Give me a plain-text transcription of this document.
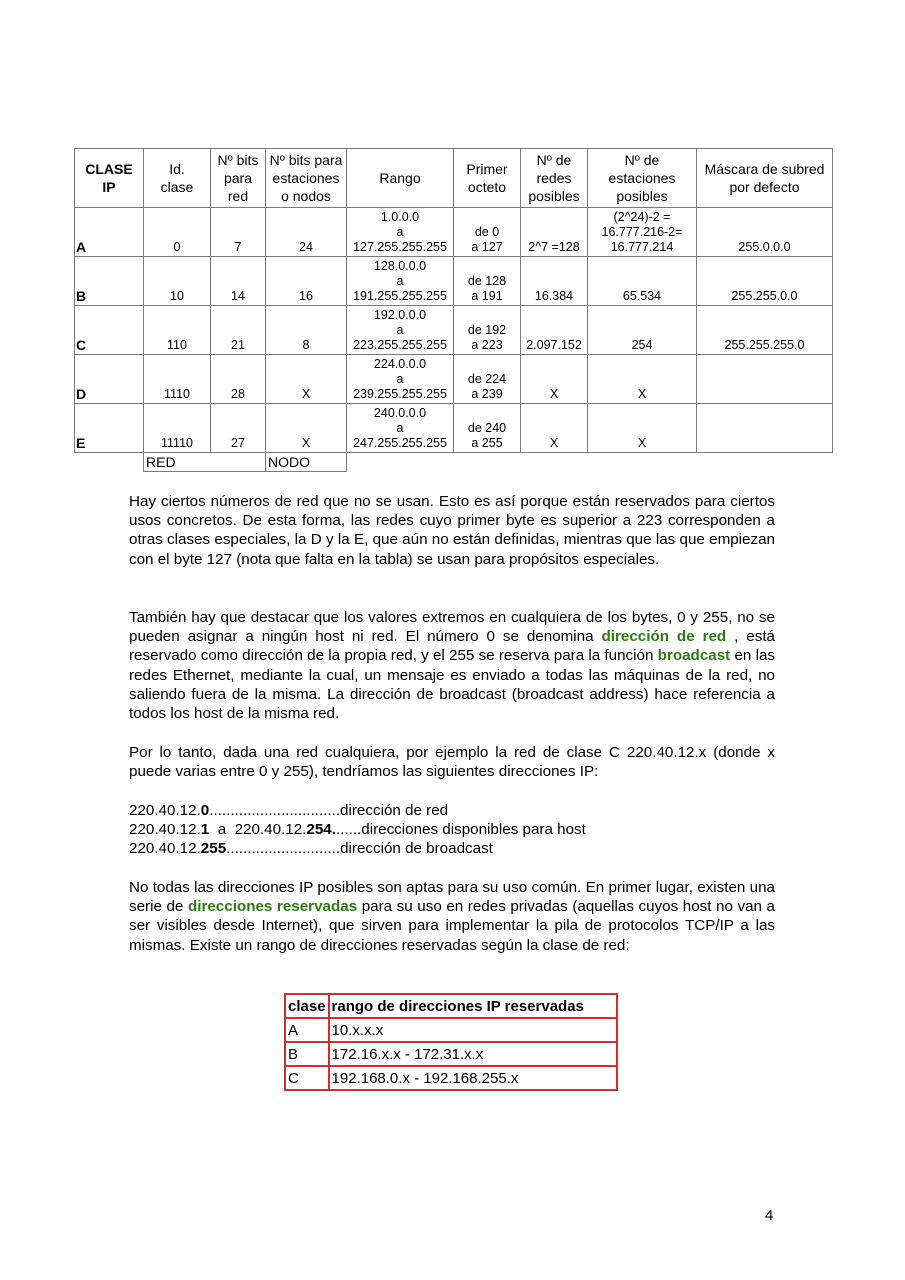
CLASE
IP	Id.
clase	Nº bits
para
red	Nº bits para
estaciones
o nodos	Rango	Primer
octeto	Nº de
redes
posibles	Nº de
estaciones
posibles	Máscara de subred
por defecto
A	0	7	24	1.0.0.0
a
127.255.255.255	de 0
a 127	2^7 =128	(2^24)-2 =
16.777.216-2=
16.777.214	255.0.0.0
B	10	14	16	128.0.0.0
a
191.255.255.255	de 128
a 191	16.384	65.534	255.255.0.0
C	110	21	8	192.0.0.0
a
223.255.255.255	de 192
a 223	2.097.152	254	255.255.255.0
D	1110	28	X	224.0.0.0
a
239.255.255.255	de 224
a 239	X	X	
E	11110	27	X	240.0.0.0
a
247.255.255.255	de 240
a 255	X	X	
	RED		NODO					

Hay ciertos números de red que no se usan. Esto es así porque están reservados para ciertos usos concretos. De esta forma, las redes cuyo primer byte es superior a 223 corresponden a otras clases especiales, la D y la E, que aún no están definidas, mientras que las que empiezan con el byte 127 (nota que falta en la tabla) se usan para propósitos especiales.

También hay que destacar que los valores extremos en cualquiera de los bytes, 0 y 255, no se pueden asignar a ningún host ni red. El número 0 se denomina dirección de red , está reservado como dirección de la propia red, y el 255 se reserva para la función broadcast en las redes Ethernet, mediante la cual, un mensaje es enviado a todas las máquinas de la red, no saliendo fuera de la misma. La dirección de broadcast (broadcast address) hace referencia a todos los host de la misma red.

Por lo tanto, dada una red cualquiera, por ejemplo la red de clase C 220.40.12.x (donde x puede varias entre 0 y 255), tendríamos las siguientes direcciones IP:

220.40.12.0...............................dirección de red

220.40.12.1  a  220.40.12.254.......direcciones disponibles para host

220.40.12.255...........................dirección de broadcast

No todas las direcciones IP posibles son aptas para su uso común. En primer lugar, existen una serie de direcciones reservadas para su uso en redes privadas (aquellas cuyos host no van a ser visibles desde Internet), que sirven para implementar la pila de protocolos TCP/IP a las mismas. Existe un rango de direcciones reservadas según la clase de red:

clase	rango de direcciones IP reservadas
A	10.x.x.x
B	172.16.x.x - 172.31.x.x
C	192.168.0.x - 192.168.255.x
4
